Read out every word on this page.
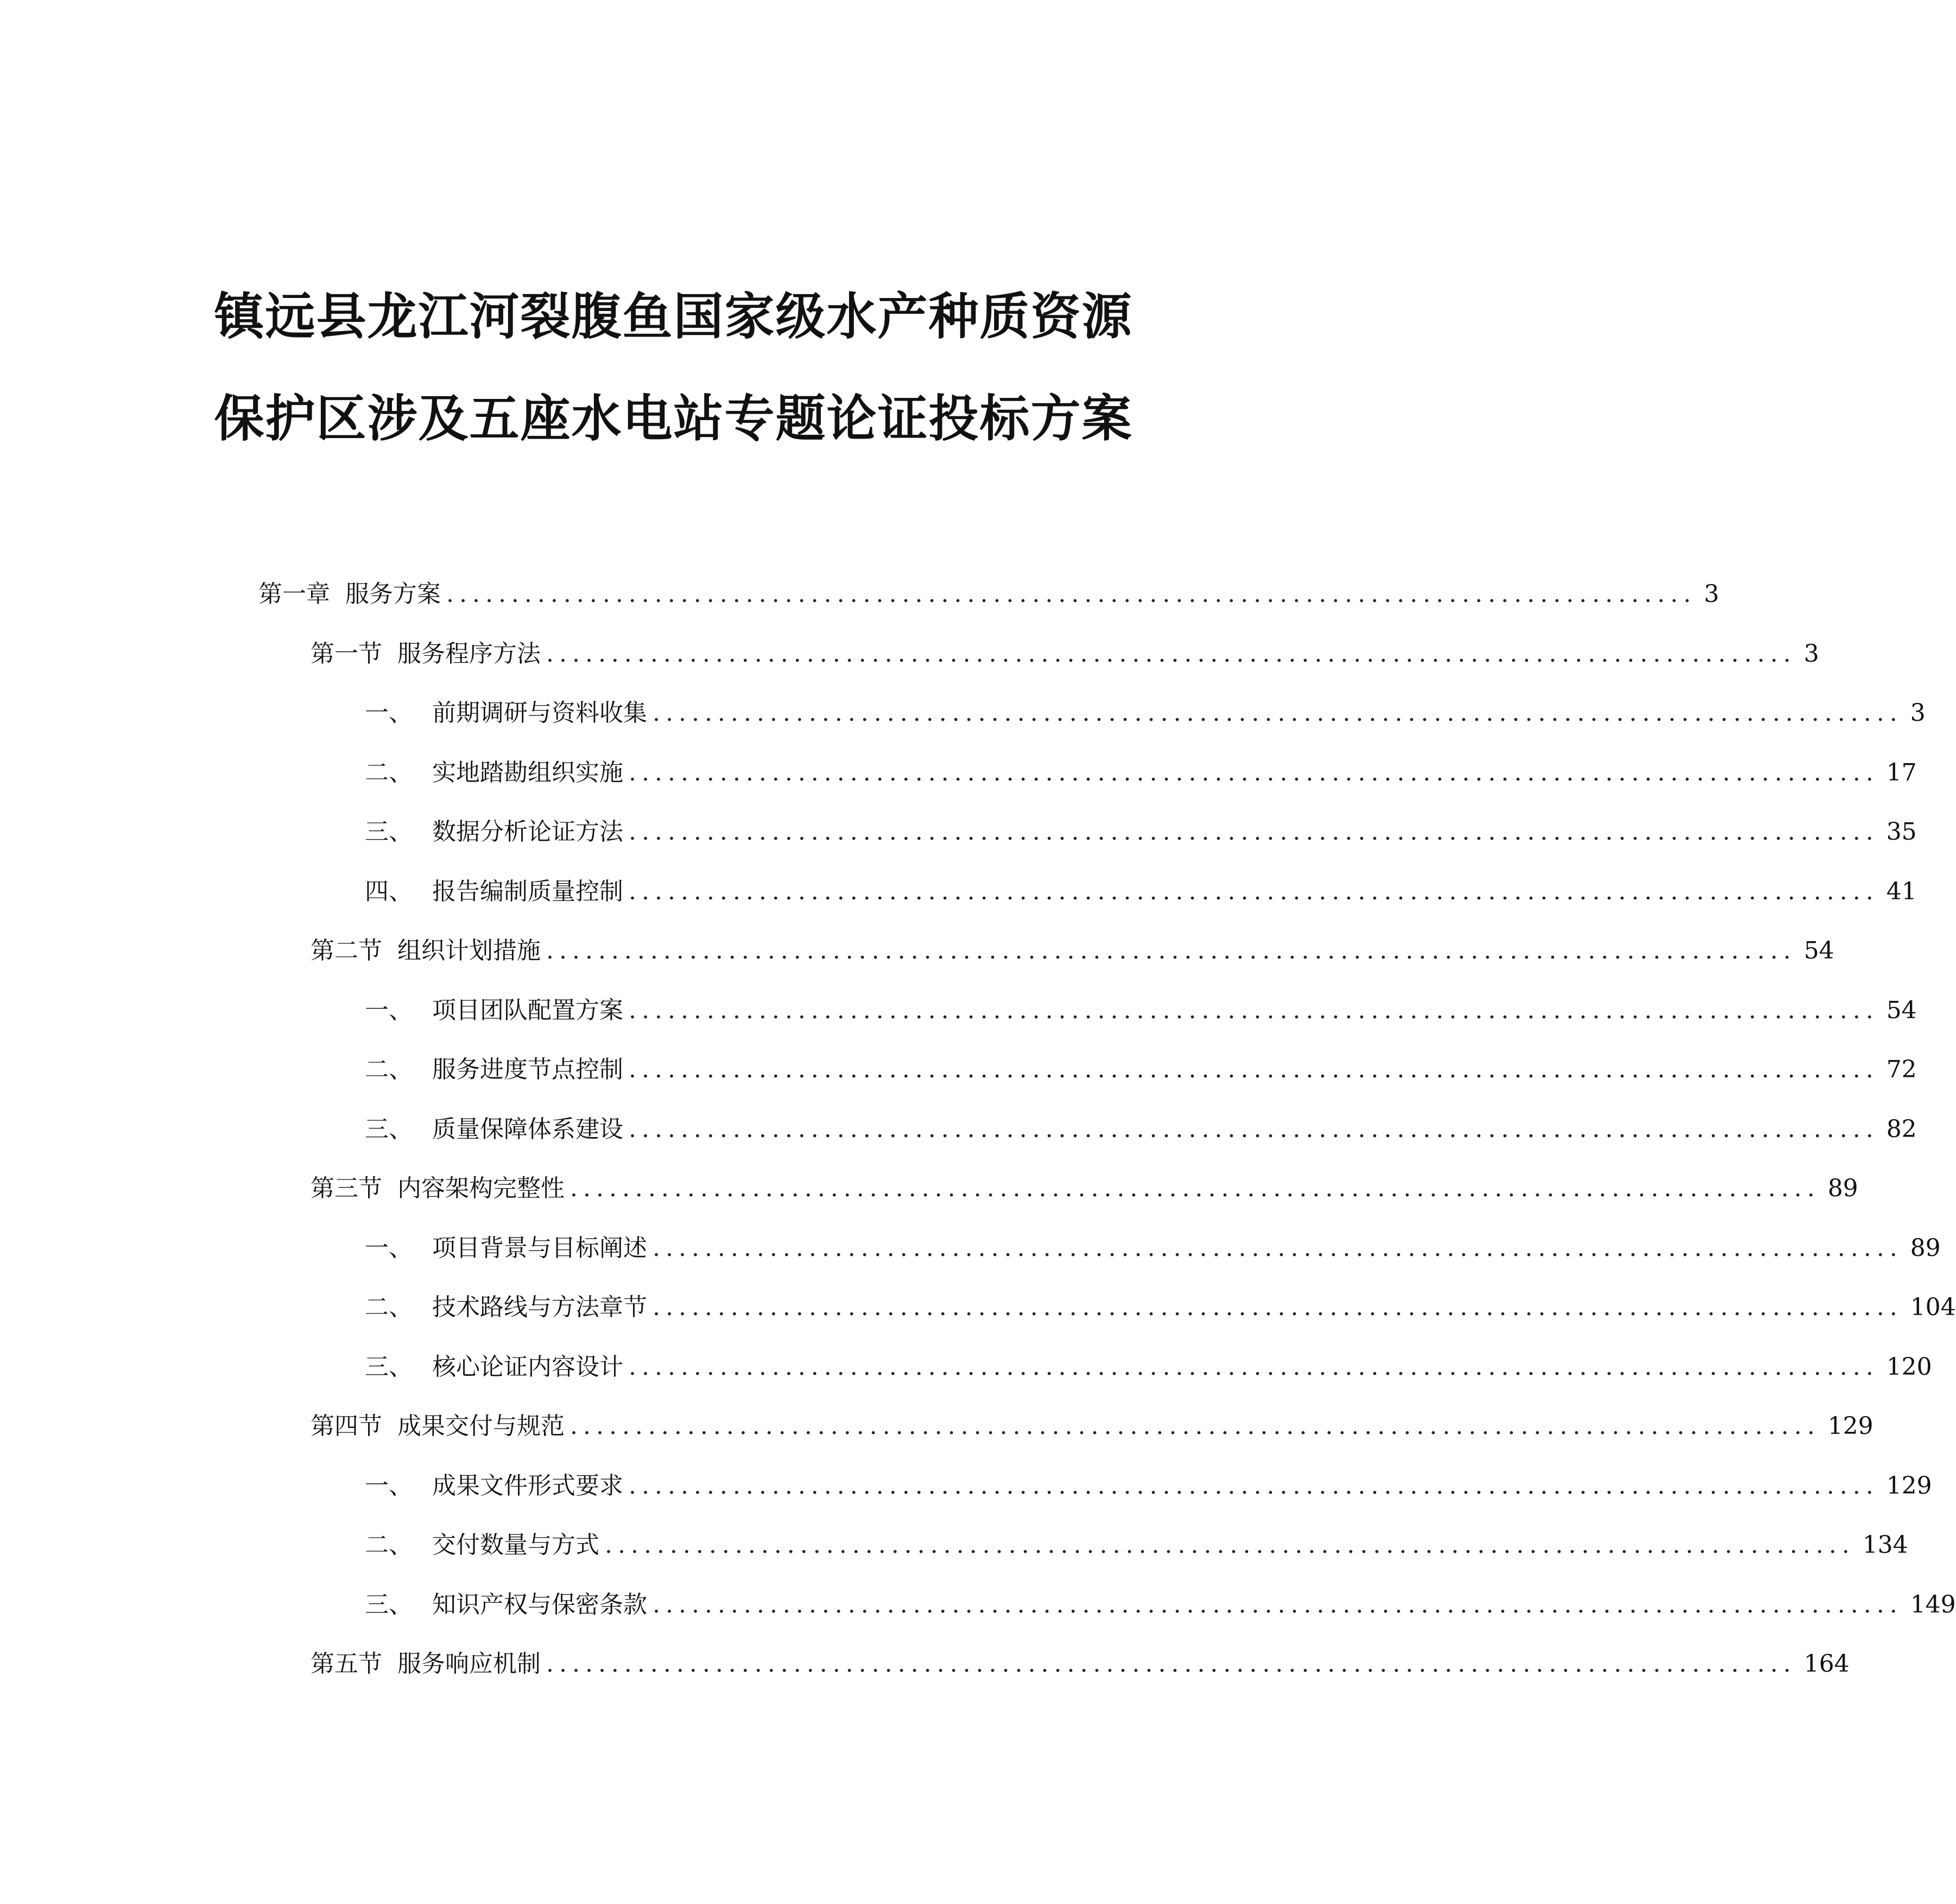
镇远县龙江河裂腹鱼国家级水产种质资源
保护区涉及五座水电站专题论证投标方案
第一章 服务方案 ................................................................................................ 3
第一节 服务程序方法 ................................................................................................ 3
一、 前期调研与资料收集 ................................................................................................ 3
二、 实地踏勘组织实施 ................................................................................................ 17
三、 数据分析论证方法 ................................................................................................ 35
四、 报告编制质量控制 ................................................................................................ 41
第二节 组织计划措施 ................................................................................................ 54
一、 项目团队配置方案 ................................................................................................ 54
二、 服务进度节点控制 ................................................................................................ 72
三、 质量保障体系建设 ................................................................................................ 82
第三节 内容架构完整性 ................................................................................................ 89
一、 项目背景与目标阐述 ................................................................................................ 89
二、 技术路线与方法章节 ................................................................................................ 104
三、 核心论证内容设计 ................................................................................................ 120
第四节 成果交付与规范 ................................................................................................ 129
一、 成果文件形式要求 ................................................................................................ 129
二、 交付数量与方式 ................................................................................................ 134
三、 知识产权与保密条款 ................................................................................................ 149
第五节 服务响应机制 ................................................................................................ 164
